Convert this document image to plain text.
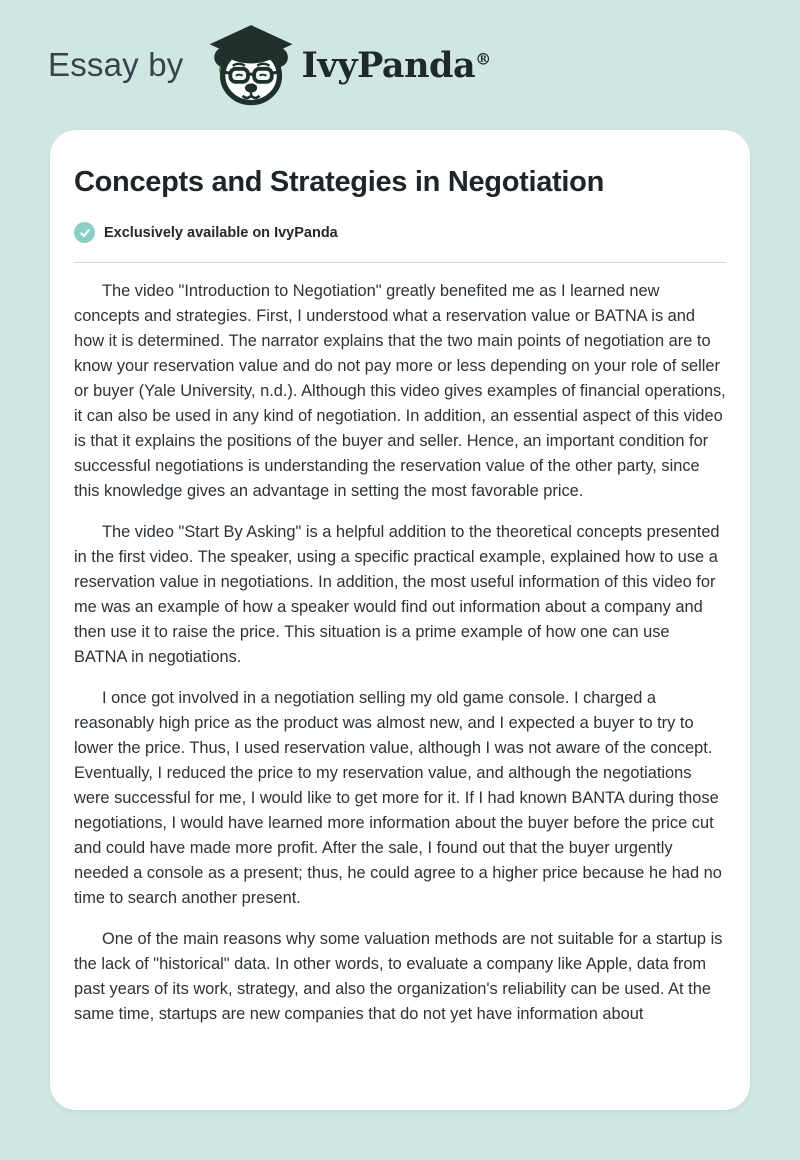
Essay by	IvyPanda®
Concepts and Strategies in Negotiation
Exclusively available on IvyPanda

The video "Introduction to Negotiation" greatly benefited me as I learned new concepts and strategies. First, I understood what a reservation value or BATNA is and how it is determined. The narrator explains that the two main points of negotiation are to know your reservation value and do not pay more or less depending on your role of seller or buyer (Yale University, n.d.). Although this video gives examples of financial operations, it can also be used in any kind of negotiation. In addition, an essential aspect of this video is that it explains the positions of the buyer and seller. Hence, an important condition for successful negotiations is understanding the reservation value of the other party, since this knowledge gives an advantage in setting the most favorable price.

The video "Start By Asking" is a helpful addition to the theoretical concepts presented in the first video. The speaker, using a specific practical example, explained how to use a reservation value in negotiations. In addition, the most useful information of this video for me was an example of how a speaker would find out information about a company and then use it to raise the price. This situation is a prime example of how one can use BATNA in negotiations.

I once got involved in a negotiation selling my old game console. I charged a reasonably high price as the product was almost new, and I expected a buyer to try to lower the price. Thus, I used reservation value, although I was not aware of the concept. Eventually, I reduced the price to my reservation value, and although the negotiations were successful for me, I would like to get more for it. If I had known BANTA during those negotiations, I would have learned more information about the buyer before the price cut and could have made more profit. After the sale, I found out that the buyer urgently needed a console as a present; thus, he could agree to a higher price because he had no time to search another present.

One of the main reasons why some valuation methods are not suitable for a startup is the lack of "historical" data. In other words, to evaluate a company like Apple, data from past years of its work, strategy, and also the organization's reliability can be used. At the same time, startups are new companies that do not yet have information about
